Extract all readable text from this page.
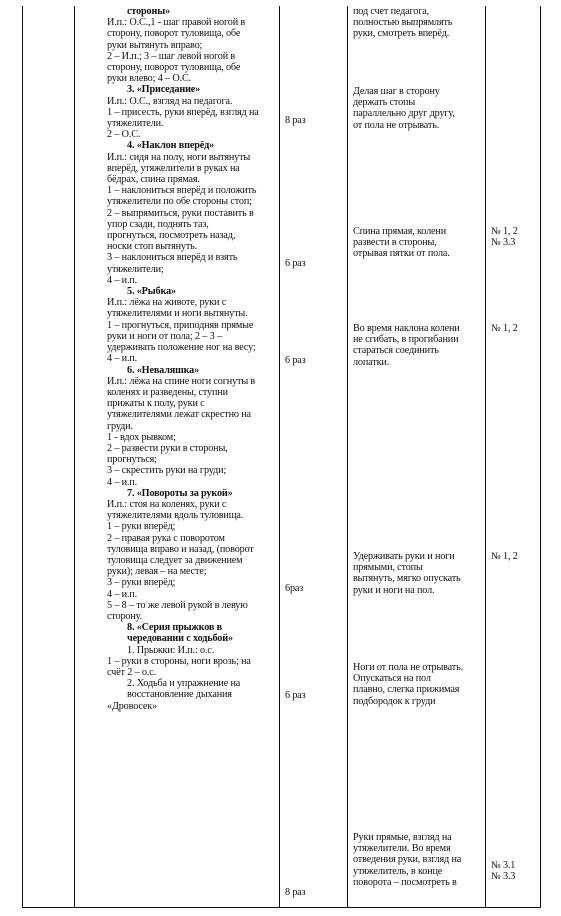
стороны»
И.п.: О.С.,1 - шаг правой ногой в
сторону, поворот туловища, обе
руки вытянуть вправо;
2 – И.п.; 3 – шаг левой ногой в
сторону, поворот туловища, обе
руки влево; 4 – О.С.
3. «Приседание»
И.п.: О.С., взгляд на педагога.
1 – присесть, руки вперёд, взгляд на
утяжелители.
2 – О.С.
4. «Наклон вперёд»
И.п.: сидя на полу, ноги вытянуты
вперёд, утяжелители в руках на
бёдрах, спина прямая.
1 – наклониться вперёд и положить
утяжелители по обе стороны стоп;
2 – выпрямиться, руки поставить в
упор сзади, поднять таз,
прогнуться, посмотреть назад,
носки стоп вытянуть.
3 – наклониться вперёд и взять
утяжелители;
4 – и.п.
5. «Рыбка»
И.п.: лёжа на животе, руки с
утяжелителями и ноги вытянуты.
1 – прогнуться, приподняв прямые
руки и ноги от пола; 2 – 3 –
удерживать положение ног на весу;
4 – и.п.
6. «Неваляшка»
И.п.: лёжа на спине ноги согнуты в
коленях и разведены, ступни
прижаты к полу, руки с
утяжелителями лежат скрестно на
груди.
1 - вдох рывком;
2 – развести руки в стороны,
прогнуться;
3 – скрестить руки на груди;
4 – и.п.
7. «Повороты за рукой»
И.п.: стоя на коленях, руки с
утяжелителями вдоль туловища.
1 – руки вперёд;
2 – правая рука с поворотом
туловища вправо и назад, (поворот
туловища следует за движением
руки); левая – на месте;
3 – руки вперёд;
4 – и.п.
5 – 8 – то же левой рукой в левую
сторону.
8. «Серия прыжков в
чередовании с ходьбой»
1. Прыжки: И.п.: о.с.
1 – руки в стороны, ноги врозь; на
счёт 2 – о.с.
2. Ходьба и упражнение на
восстановление дыхания
«Дровосек»
8 раз
6 раз
6 раз
6раз
6 раз
8 раз
под счет педагога,
полностью выпрямлять
руки, смотреть вперёд.
Делая шаг в сторону
держать стопы
параллельно друг другу,
от пола не отрывать.
Спина прямая, колени
развести в стороны,
отрывая пятки от пола.
Во время наклона колени
не сгибать, в прогибании
стараться соединить
лопатки.
Удерживать руки и ноги
прямыми, стопы
вытянуть, мягко опускать
руки и ноги на пол.
Ноги от пола не отрывать.
Опускаться на пол
плавно, слегка прижимая
подбородок к груди
Руки прямые, взгляд на
утяжелители. Во время
отведения руки, взгляд на
утяжелитель, в конце
поворота – посмотреть в
№ 1, 2
№ 3.3
№ 1, 2
№ 1, 2
№ 3.1
№ 3.3
